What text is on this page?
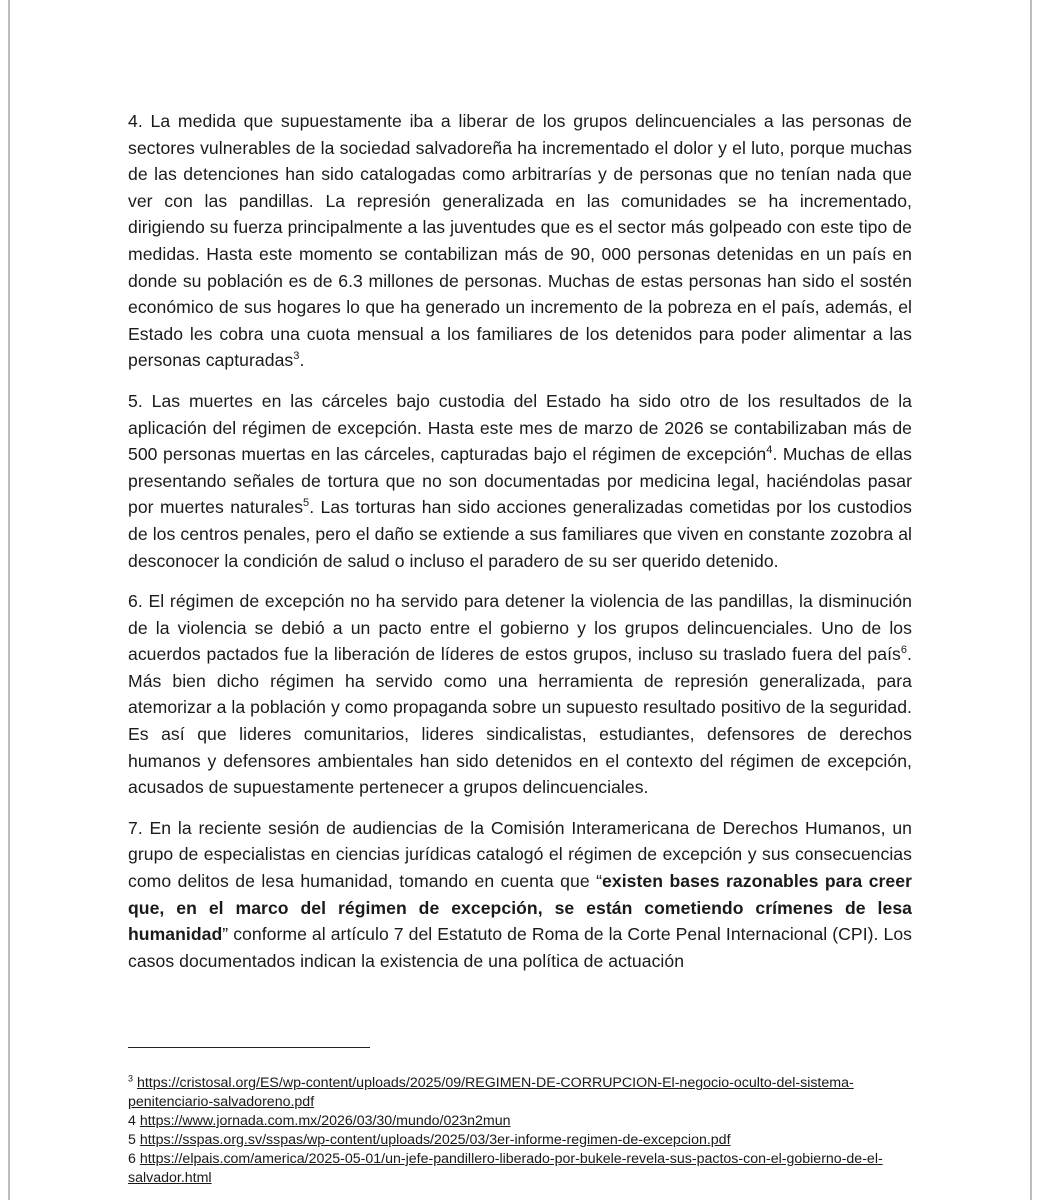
4. La medida que supuestamente iba a liberar de los grupos delincuenciales a las personas de sectores vulnerables de la sociedad salvadoreña ha incrementado el dolor y el luto, porque muchas de las detenciones han sido catalogadas como arbitrarías y de personas que no tenían nada que ver con las pandillas. La represión generalizada en las comunidades se ha incrementado, dirigiendo su fuerza principalmente a las juventudes que es el sector más golpeado con este tipo de medidas. Hasta este momento se contabilizan más de 90, 000 personas detenidas en un país en donde su población es de 6.3 millones de personas. Muchas de estas personas han sido el sostén económico de sus hogares lo que ha generado un incremento de la pobreza en el país, además, el Estado les cobra una cuota mensual a los familiares de los detenidos para poder alimentar a las personas capturadas$^3$.

5. Las muertes en las cárceles bajo custodia del Estado ha sido otro de los resultados de la aplicación del régimen de excepción. Hasta este mes de marzo de 2026 se contabilizaban más de 500 personas muertas en las cárceles, capturadas bajo el régimen de excepción$^4$. Muchas de ellas presentando señales de tortura que no son documentadas por medicina legal, haciéndolas pasar por muertes naturales$^5$. Las torturas han sido acciones generalizadas cometidas por los custodios de los centros penales, pero el daño se extiende a sus familiares que viven en constante zozobra al desconocer la condición de salud o incluso el paradero de su ser querido detenido.

6. El régimen de excepción no ha servido para detener la violencia de las pandillas, la disminución de la violencia se debió a un pacto entre el gobierno y los grupos delincuenciales. Uno de los acuerdos pactados fue la liberación de líderes de estos grupos, incluso su traslado fuera del país$^6$. Más bien dicho régimen ha servido como una herramienta de represión generalizada, para atemorizar a la población y como propaganda sobre un supuesto resultado positivo de la seguridad. Es así que lideres comunitarios, lideres sindicalistas, estudiantes, defensores de derechos humanos y defensores ambientales han sido detenidos en el contexto del régimen de excepción, acusados de supuestamente pertenecer a grupos delincuenciales.

7. En la reciente sesión de audiencias de la Comisión Interamericana de Derechos Humanos, un grupo de especialistas en ciencias jurídicas catalogó el régimen de excepción y sus consecuencias como delitos de lesa humanidad, tomando en cuenta que “existen bases razonables para creer que, en el marco del régimen de excepción, se están cometiendo crímenes de lesa humanidad” conforme al artículo 7 del Estatuto de Roma de la Corte Penal Internacional (CPI). Los casos documentados indican la existencia de una política de actuación

$^3$ https://cristosal.org/ES/wp-content/uploads/2025/09/REGIMEN-DE-CORRUPCION-El-negocio-oculto-del-sistema-penitenciario-salvadoreno.pdf

4 https://www.jornada.com.mx/2026/03/30/mundo/023n2mun

5 https://sspas.org.sv/sspas/wp-content/uploads/2025/03/3er-informe-regimen-de-excepcion.pdf

6 https://elpais.com/america/2025-05-01/un-jefe-pandillero-liberado-por-bukele-revela-sus-pactos-con-el-gobierno-de-el-salvador.html
